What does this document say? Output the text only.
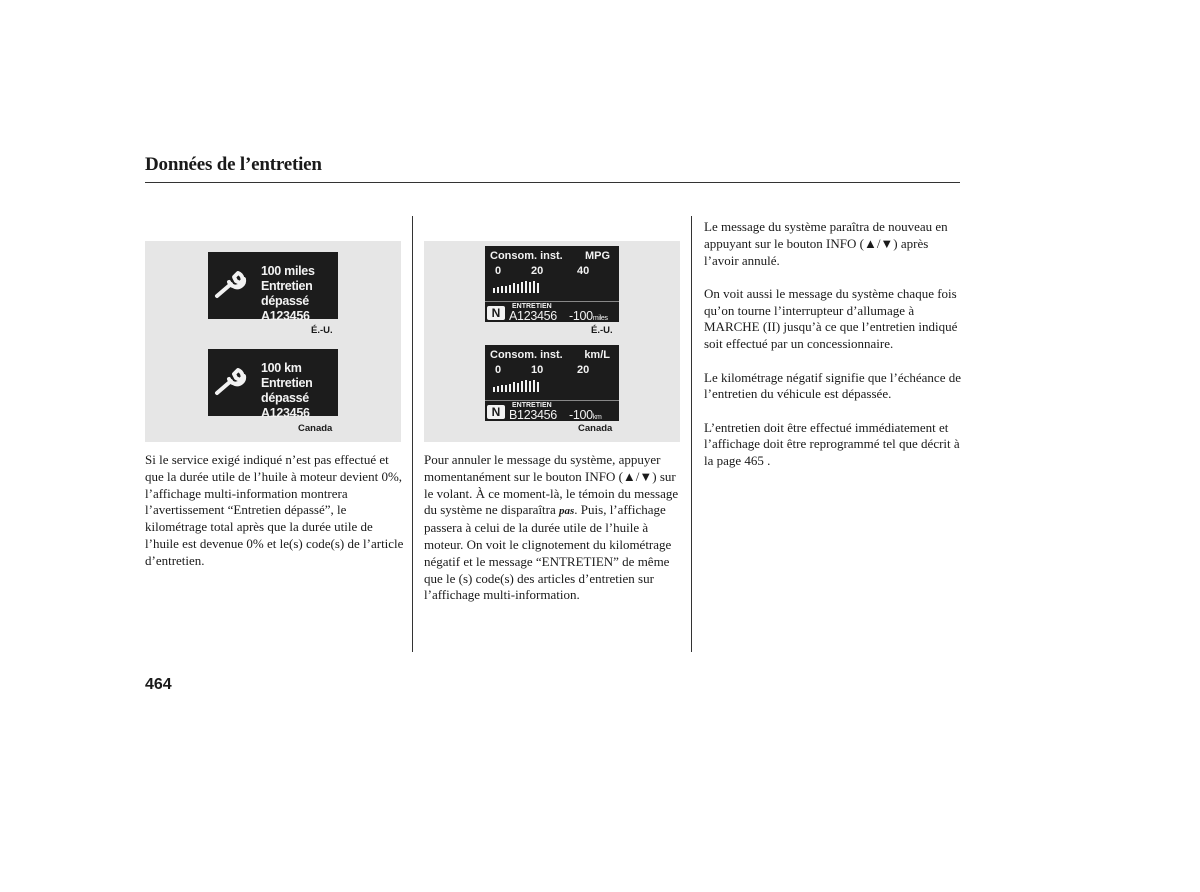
Données de l’entretien
100 miles
Entretien
dépassé
A123456
É.-U.
100 km
Entretien
dépassé
A123456
Canada
Consom. inst. MPG
0	20	40
N	ENTRETIEN
A123456 -100miles
É.-U.
Consom. inst. km/L
0	10	20
N	ENTRETIEN
B123456 -100km
Canada

Si le service exigé indiqué n’est pas effectué et que la durée utile de l’huile à moteur devient 0%, l’affichage multi-information montrera l’avertissement “Entretien dépassé”, le kilométrage total après que la durée utile de l’huile est devenue 0% et le(s) code(s) de l’article d’entretien.

Pour annuler le message du système, appuyer momentanément sur le bouton INFO (▲/▼) sur le volant. À ce moment-là, le témoin du message du système ne disparaîtra pas. Puis, l’affichage passera à celui de la durée utile de l’huile à moteur. On voit le clignotement du kilométrage négatif et le message “ENTRETIEN” de même que le (s) code(s) des articles d’entretien sur l’affichage multi-information.

Le message du système paraîtra de nouveau en appuyant sur le bouton INFO (▲/▼) après l’avoir annulé.

On voit aussi le message du système chaque fois qu’on tourne l’interrupteur d’allumage à MARCHE (II) jusqu’à ce que l’entretien indiqué soit effectué par un concessionnaire.

Le kilométrage négatif signifie que l’échéance de l’entretien du véhicule est dépassée.

L’entretien doit être effectué immédiatement et l’affichage doit être reprogrammé tel que décrit à la page 465 .

464
